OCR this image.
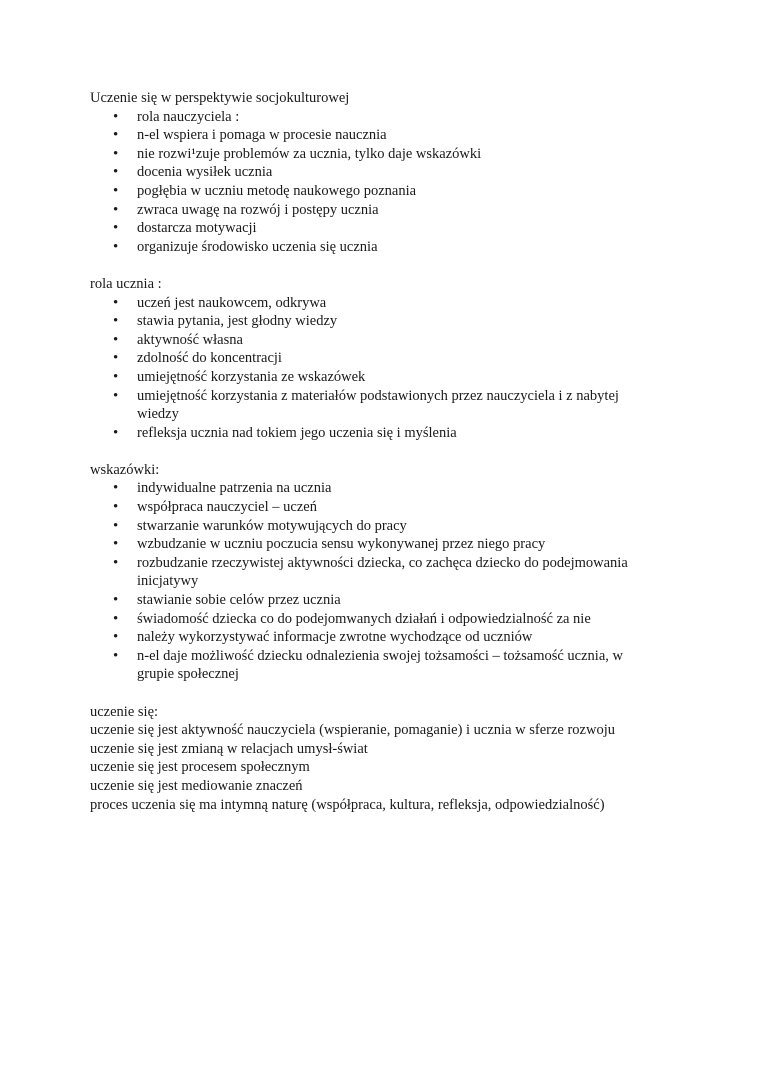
Uczenie się w perspektywie socjokulturowej

• rola nauczyciela :
• n-el wspiera i pomaga w procesie naucznia
• nie rozwi¹zuje problemów za ucznia, tylko daje wskazówki
• docenia wysiłek ucznia
• pogłębia w uczniu metodę naukowego poznania
• zwraca uwagę na rozwój i postępy ucznia
• dostarcza motywacji
• organizuje środowisko uczenia się ucznia

rola ucznia :

• uczeń jest naukowcem, odkrywa
• stawia pytania, jest głodny wiedzy
• aktywność własna
• zdolność do koncentracji
• umiejętność korzystania ze wskazówek
• umiejętność korzystania z materiałów podstawionych przez nauczyciela i z nabytej wiedzy
• refleksja ucznia nad tokiem jego uczenia się i myślenia

wskazówki:

• indywidualne patrzenia na ucznia
• współpraca nauczyciel – uczeń
• stwarzanie warunków motywujących do pracy
• wzbudzanie w uczniu poczucia sensu wykonywanej przez niego pracy
• rozbudzanie rzeczywistej aktywności dziecka, co zachęca dziecko do podejmowania inicjatywy
• stawianie sobie celów przez ucznia
• świadomość dziecka co do podejomwanych działań i odpowiedzialność za nie
• należy wykorzystywać informacje zwrotne wychodzące od uczniów
• n-el daje możliwość dziecku odnalezienia swojej tożsamości – tożsamość ucznia, w grupie społecznej

uczenie się:

uczenie się jest aktywność nauczyciela (wspieranie, pomaganie) i ucznia w sferze rozwoju

uczenie się jest zmianą w relacjach umysł-świat

uczenie się jest procesem społecznym

uczenie się jest mediowanie znaczeń

proces uczenia się ma intymną naturę (współpraca, kultura, refleksja, odpowiedzialność)
